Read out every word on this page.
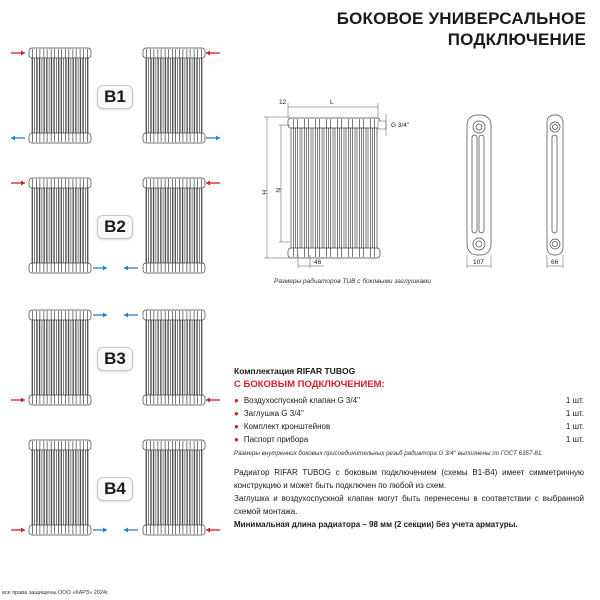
БОКОВОЕ УНИВЕРСАЛЬНОЕ
ПОДКЛЮЧЕНИЕ
12	L
G 3/4''
H N
46	107	66
B1
B2
B3
B4
Размеры радиаторов TUB с боковыми заглушками
Комплектация RIFAR TUBOG
С БОКОВЫМ ПОДКЛЮЧЕНИЕМ:
● Воздухоспускной клапан G 3/4''	1 шт.
● Заглушка G 3/4''	1 шт.
● Комплект кронштейнов	1 шт.
● Паспорт прибора	1 шт.
Размеры внутренних боковых присоединительных резьб радиатора G 3/4'' выполнены по ГОСТ 6357-81.
Радиатор RIFAR TUBOG с боковым подключением (схемы B1-B4) имеет симметричную конструкцию и может быть подключен по любой из схем.
Заглушка и воздухоспускной клапан могут быть перенесены в соответствии с выбранной схемой монтажа.
Минимальная длина радиатора – 98 мм (2 секции) без учета арматуры.
все права защищены ООО «КАРЗ» 2024г.
